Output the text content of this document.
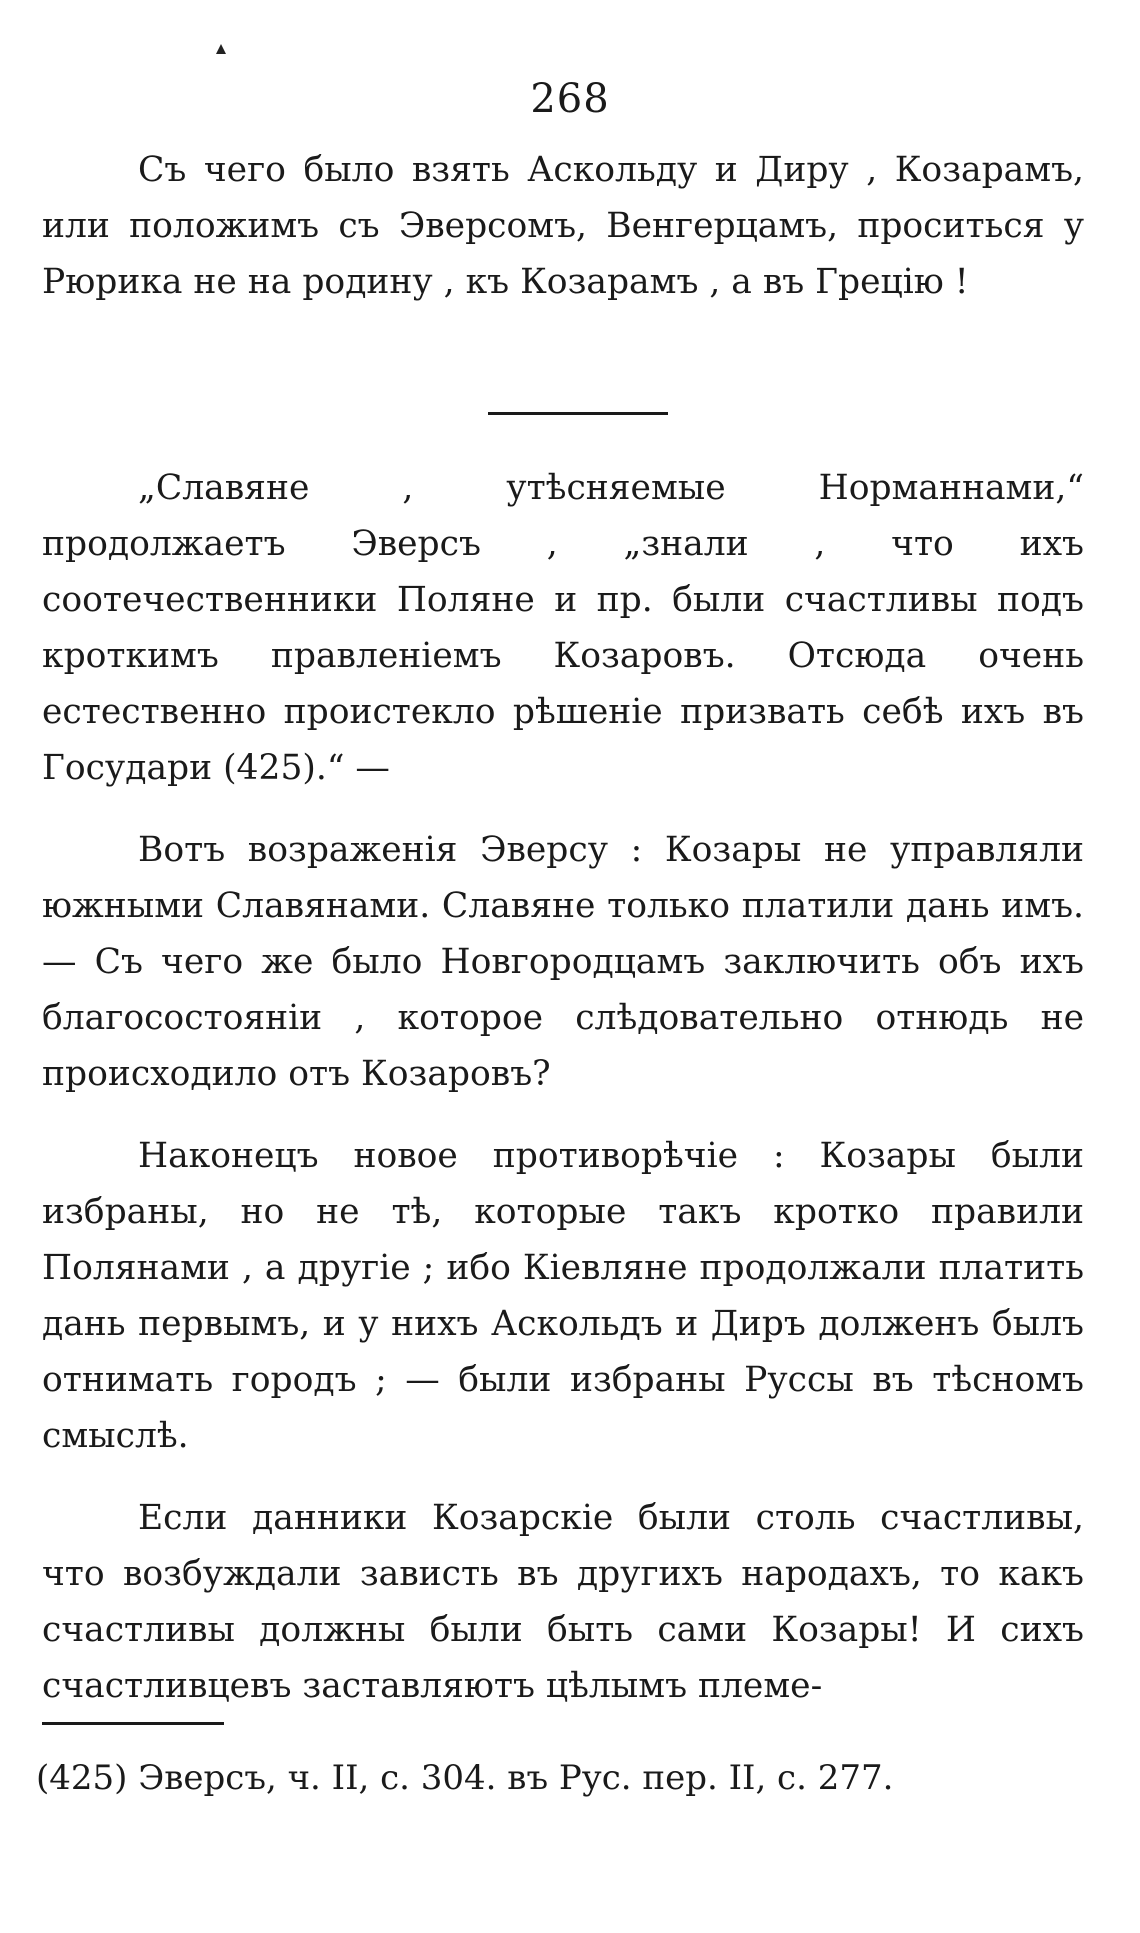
268

Съ чего было взять Аскольду и Диру , Козарамъ, или положимъ съ Эверсомъ, Венгерцамъ, проситься у Рюрика не на родину , къ Козарамъ , а въ Грецію !

„Славяне , утѣсняемые Норманнами,“ продолжаетъ Эверсъ , „знали , что ихъ соотечественники Поляне и пр. были счастливы подъ кроткимъ правленіемъ Козаровъ. Отсюда очень естественно проистекло рѣшеніе призвать себѣ ихъ въ Государи (425).“ —

Вотъ возраженія Эверсу : Козары не управляли южными Славянами. Славяне только платили дань имъ. — Съ чего же было Новгородцамъ заключить объ ихъ благосостояніи , которое слѣдовательно отнюдь не происходило отъ Козаровъ?

Наконецъ новое противорѣчіе : Козары были избраны, но не тѣ, которые такъ кротко правили Полянами , а другіе ; ибо Кіевляне продолжали платить дань первымъ, и у нихъ Аскольдъ и Диръ долженъ былъ отнимать городъ ; — были избраны Руссы въ тѣсномъ смыслѣ.

Если данники Козарскіе были столь счастливы, что возбуждали зависть въ другихъ народахъ, то какъ счастливы должны были быть сами Козары! И сихъ счастливцевъ заставляютъ цѣлымъ племе-

(425) Эверсъ, ч. II, с. 304. въ Рус. пер. II, с. 277.
